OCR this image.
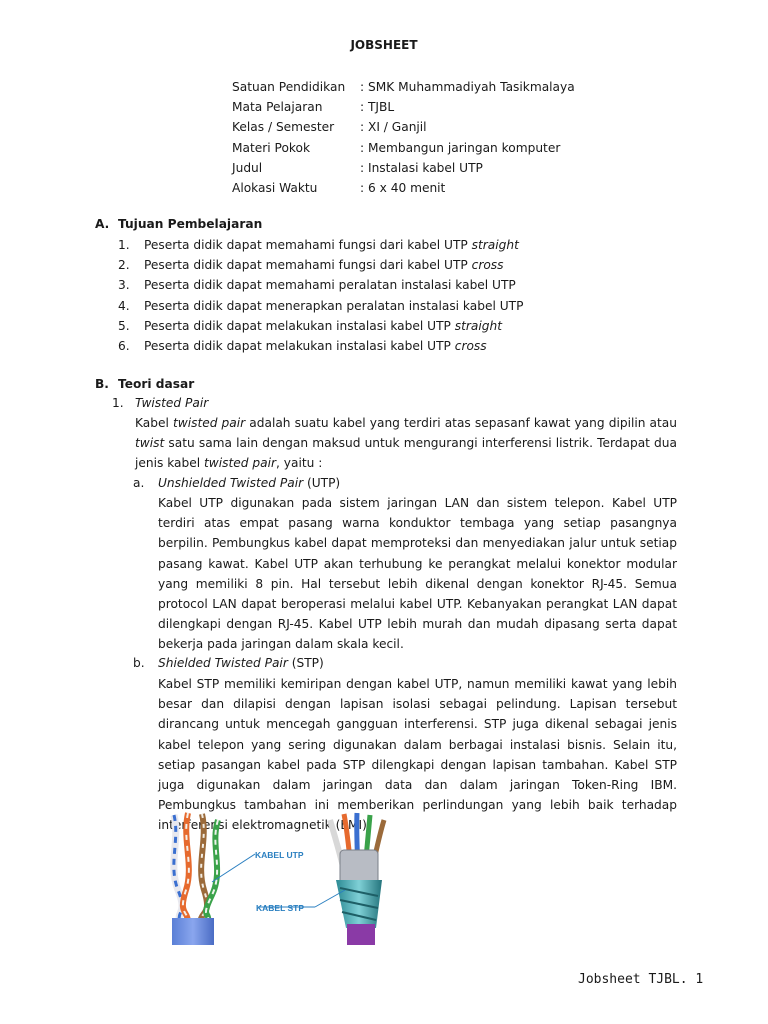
JOBSHEET
Satuan Pendidikan : SMK Muhammadiyah Tasikmalaya
Mata Pelajaran	: TJBL
Kelas / Semester : XI / Ganjil
Materi Pokok	: Membangun jaringan komputer
Judul	: Instalasi kabel UTP
Alokasi Waktu	: 6 x 40 menit
A. Tujuan Pembelajaran
1. Peserta didik dapat memahami fungsi dari kabel UTP straight
2. Peserta didik dapat memahami fungsi dari kabel UTP cross
3. Peserta didik dapat memahami peralatan instalasi kabel UTP
4. Peserta didik dapat menerapkan peralatan instalasi kabel UTP
5. Peserta didik dapat melakukan instalasi kabel UTP straight
6. Peserta didik dapat melakukan instalasi kabel UTP cross
B. Teori dasar
1. Twisted Pair
Kabel twisted pair adalah suatu kabel yang terdiri atas sepasanf kawat yang dipilin atau twist satu sama lain dengan maksud untuk mengurangi interferensi listrik. Terdapat dua jenis kabel twisted pair, yaitu :
a. Unshielded Twisted Pair (UTP)
Kabel UTP digunakan pada sistem jaringan LAN dan sistem telepon. Kabel UTP terdiri atas empat pasang warna konduktor tembaga yang setiap pasangnya berpilin. Pembungkus kabel dapat memproteksi dan menyediakan jalur untuk setiap pasang kawat. Kabel UTP akan terhubung ke perangkat melalui konektor modular yang memiliki 8 pin. Hal tersebut lebih dikenal dengan konektor RJ-45. Semua protocol LAN dapat beroperasi melalui kabel UTP. Kebanyakan perangkat LAN dapat dilengkapi dengan RJ-45. Kabel UTP lebih murah dan mudah dipasang serta dapat bekerja pada jaringan dalam skala kecil.
b. Shielded Twisted Pair (STP)
Kabel STP memiliki kemiripan dengan kabel UTP, namun memiliki kawat yang lebih besar dan dilapisi dengan lapisan isolasi sebagai pelindung. Lapisan tersebut dirancang untuk mencegah gangguan interferensi. STP juga dikenal sebagai jenis kabel telepon yang sering digunakan dalam berbagai instalasi bisnis. Selain itu, setiap pasangan kabel pada STP dilengkapi dengan lapisan tambahan. Kabel STP juga digunakan dalam jaringan data dan dalam jaringan Token-Ring IBM. Pembungkus tambahan ini memberikan perlindungan yang lebih baik terhadap interferensi elektromagnetik (EMI)
KABEL UTP
KABEL STP
Jobsheet TJBL. 1
